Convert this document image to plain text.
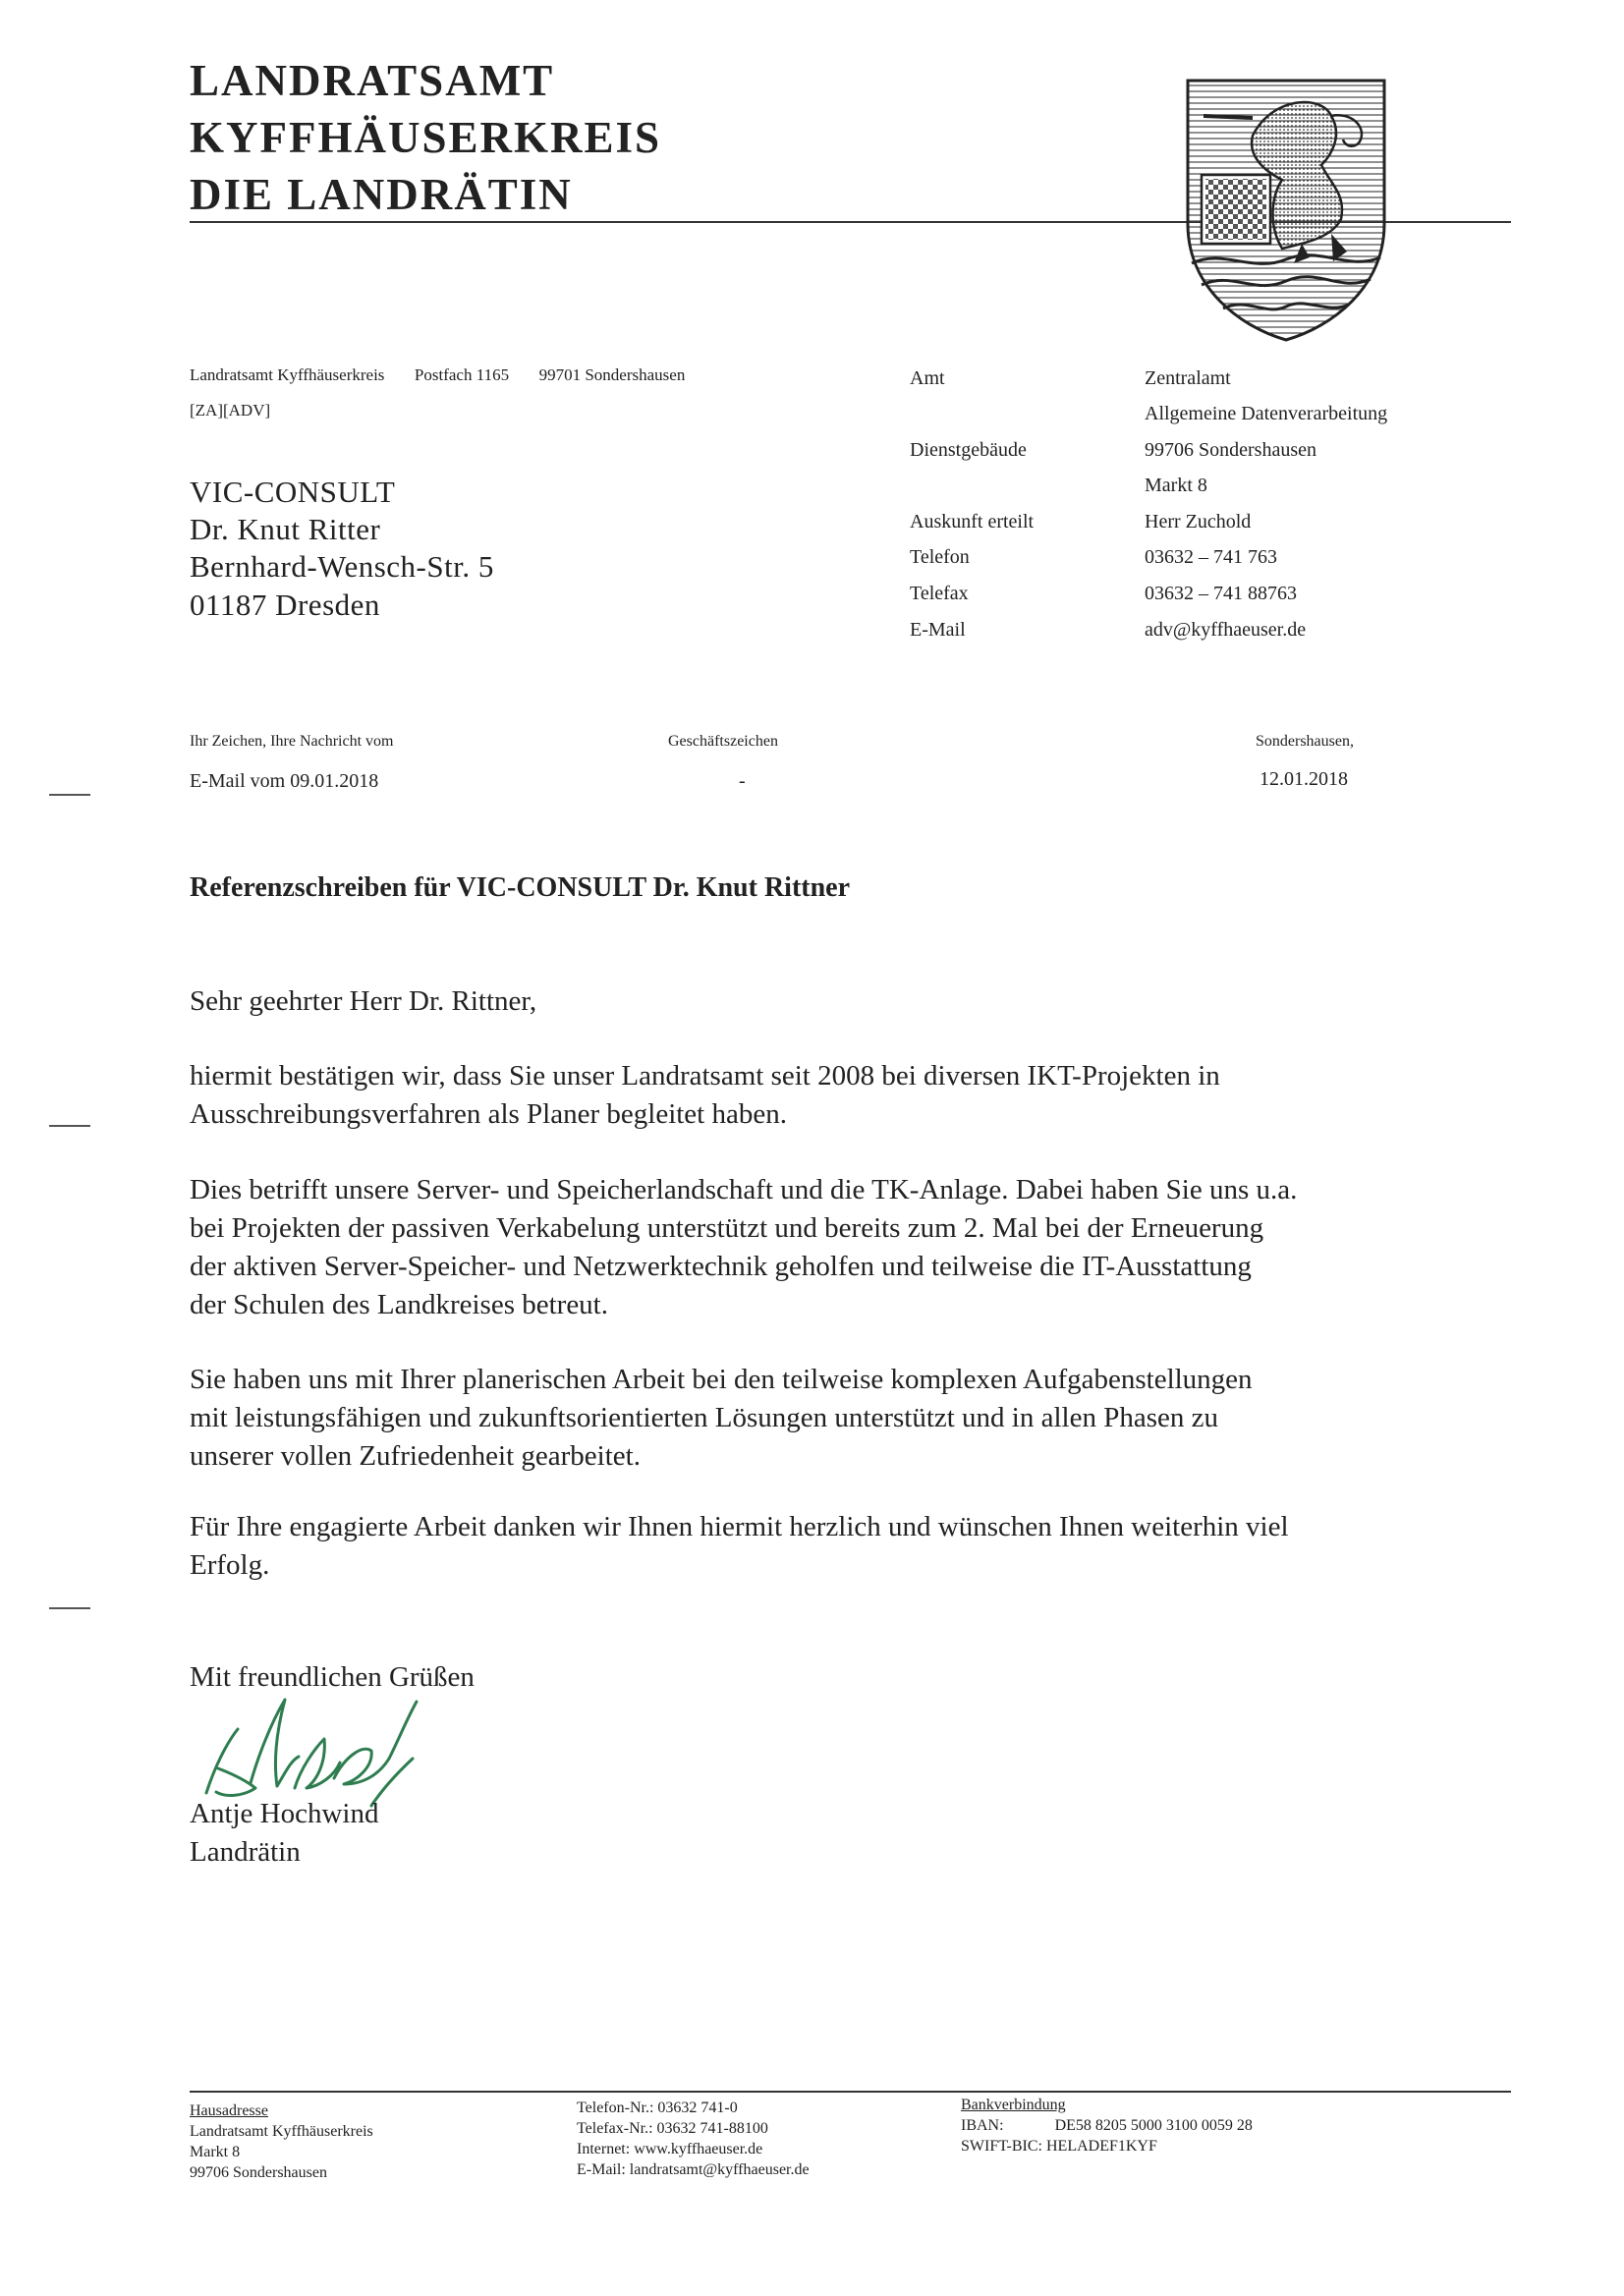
LANDRATSAMT
KYFFHÄUSERKREIS
DIE LANDRÄTIN
Landratsamt Kyffhäuserkreis Postfach 1165 99701 Sondershausen
[ZA][ADV]
VIC-CONSULT
Dr. Knut Ritter
Bernhard-Wensch-Str. 5
01187 Dresden
Amt	Zentralamt
Allgemeine Datenverarbeitung
Dienstgebäude	99706 Sondershausen
Markt 8
Auskunft erteilt	Herr Zuchold
Telefon	03632 – 741 763
Telefax	03632 – 741 88763
E-Mail	adv@kyffhaeuser.de
Ihr Zeichen, Ihre Nachricht vom
E-Mail vom 09.01.2018
Geschäftszeichen
-
Sondershausen,
12.01.2018
Referenzschreiben für VIC-CONSULT Dr. Knut Rittner
Sehr geehrter Herr Dr. Rittner,
hiermit bestätigen wir, dass Sie unser Landratsamt seit 2008 bei diversen IKT-Projekten in
Ausschreibungsverfahren als Planer begleitet haben.
Dies betrifft unsere Server- und Speicherlandschaft und die TK-Anlage. Dabei haben Sie uns u.a.
bei Projekten der passiven Verkabelung unterstützt und bereits zum 2. Mal bei der Erneuerung
der aktiven Server-Speicher- und Netzwerktechnik geholfen und teilweise die IT-Ausstattung
der Schulen des Landkreises betreut.
Sie haben uns mit Ihrer planerischen Arbeit bei den teilweise komplexen Aufgabenstellungen
mit leistungsfähigen und zukunftsorientierten Lösungen unterstützt und in allen Phasen zu
unserer vollen Zufriedenheit gearbeitet.
Für Ihre engagierte Arbeit danken wir Ihnen hiermit herzlich und wünschen Ihnen weiterhin viel
Erfolg.
Mit freundlichen Grüßen
Antje Hochwind
Landrätin
Hausadresse
Landratsamt Kyffhäuserkreis
Markt 8
99706 Sondershausen
Telefon-Nr.: 03632 741-0
Telefax-Nr.: 03632 741-88100
Internet: www.kyffhaeuser.de
E-Mail: landratsamt@kyffhaeuser.de
Bankverbindung
IBAN:	DE58 8205 5000 3100 0059 28
SWIFT-BIC: HELADEF1KYF
